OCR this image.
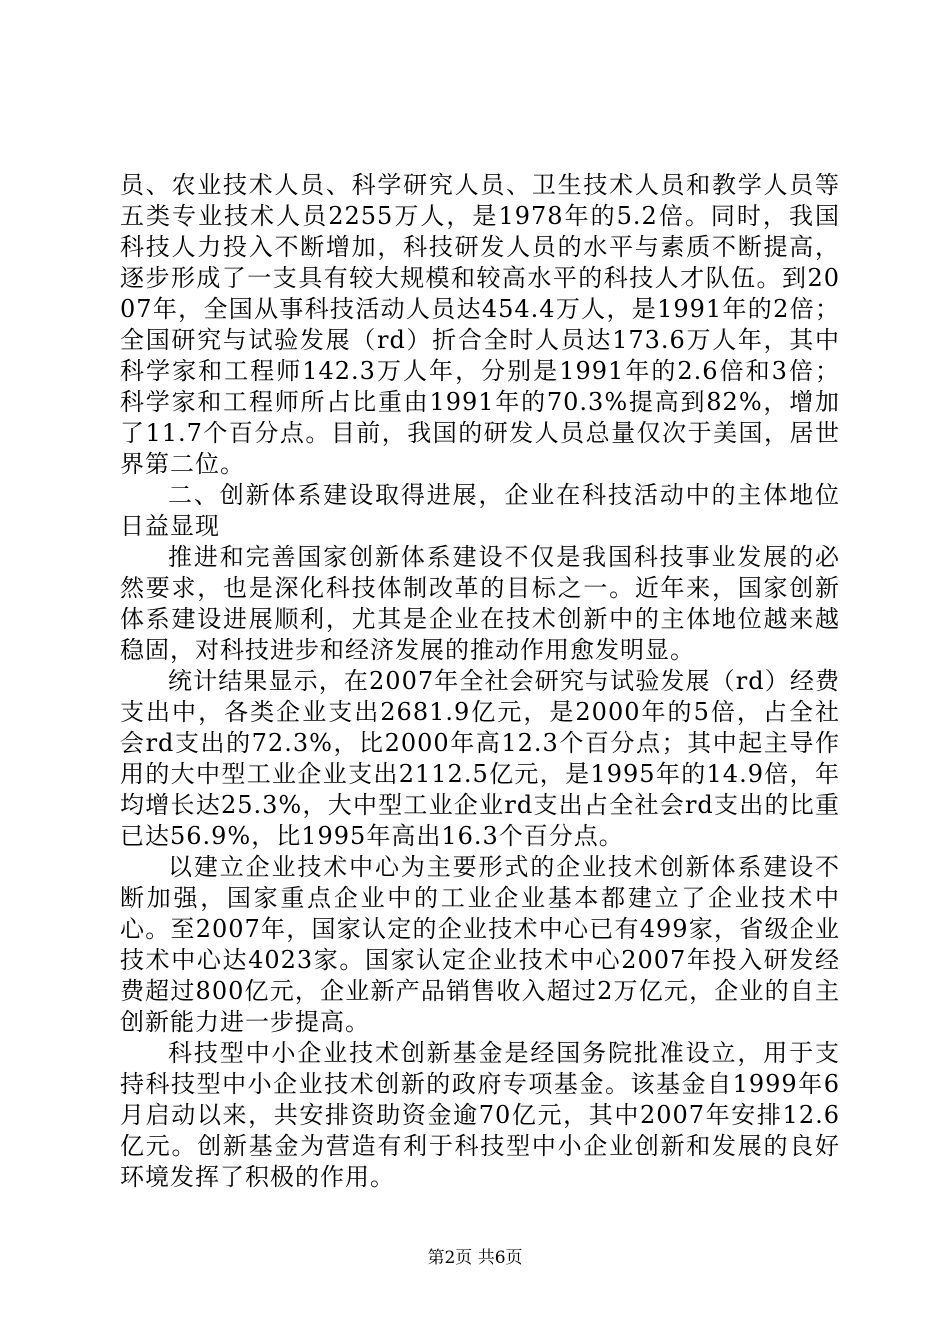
员、农业技术人员、科学研究人员、卫生技术人员和教学人员等五类专业技术人员2255万人，是1978年的5.2倍。同时，我国科技人力投入不断增加，科技研发人员的水平与素质不断提高，逐步形成了一支具有较大规模和较高水平的科技人才队伍。到2007年，全国从事科技活动人员达454.4万人，是1991年的2倍；全国研究与试验发展（rd）折合全时人员达173.6万人年，其中科学家和工程师142.3万人年，分别是1991年的2.6倍和3倍；科学家和工程师所占比重由1991年的70.3%提高到82%，增加了11.7个百分点。目前，我国的研发人员总量仅次于美国，居世界第二位。

二、创新体系建设取得进展，企业在科技活动中的主体地位日益显现

推进和完善国家创新体系建设不仅是我国科技事业发展的必然要求，也是深化科技体制改革的目标之一。近年来，国家创新体系建设进展顺利，尤其是企业在技术创新中的主体地位越来越稳固，对科技进步和经济发展的推动作用愈发明显。

统计结果显示，在2007年全社会研究与试验发展（rd）经费支出中，各类企业支出2681.9亿元，是2000年的5倍，占全社会rd支出的72.3%，比2000年高12.3个百分点；其中起主导作用的大中型工业企业支出2112.5亿元，是1995年的14.9倍，年均增长达25.3%，大中型工业企业rd支出占全社会rd支出的比重已达56.9%，比1995年高出16.3个百分点。

以建立企业技术中心为主要形式的企业技术创新体系建设不断加强，国家重点企业中的工业企业基本都建立了企业技术中心。至2007年，国家认定的企业技术中心已有499家，省级企业技术中心达4023家。国家认定企业技术中心2007年投入研发经费超过800亿元，企业新产品销售收入超过2万亿元，企业的自主创新能力进一步提高。

科技型中小企业技术创新基金是经国务院批准设立，用于支持科技型中小企业技术创新的政府专项基金。该基金自1999年6月启动以来，共安排资助资金逾70亿元，其中2007年安排12.6亿元。创新基金为营造有利于科技型中小企业创新和发展的良好环境发挥了积极的作用。

第2页 共6页
